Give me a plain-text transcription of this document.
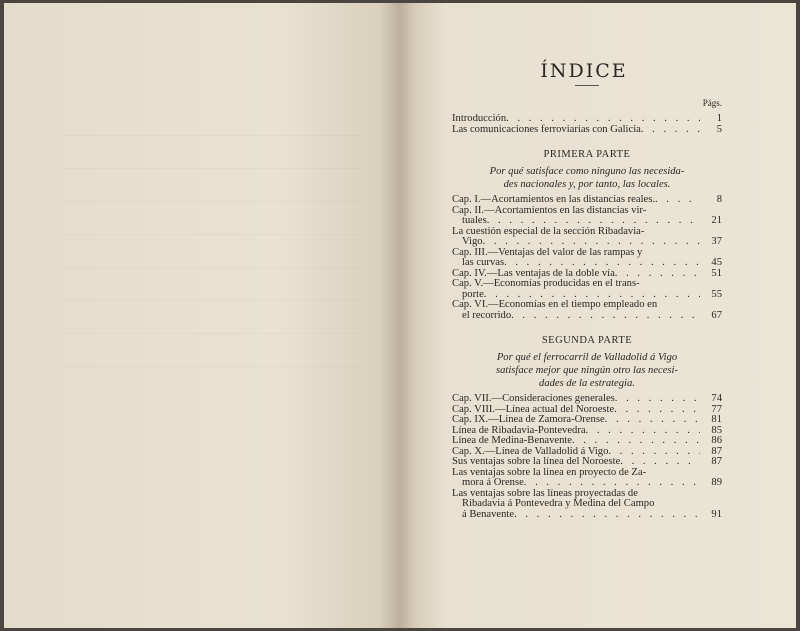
ÍNDICE
Págs.
Introducción . . .	1
Las comunicaciones ferroviarias con Galicia . . .	5
PRIMERA PARTE
Por qué satisface como ninguno las necesida-
des nacionales y, por tanto, las locales.
Cap. I.—Acortamientos en las distancias reales. . . .	8
Cap. II.—Acortamientos en las distancias vir-
tuales . . .	21
La cuestión especial de la sección Ribadavia-
Vigo . . .	37
Cap. III.—Ventajas del valor de las rampas y
las curvas . . .	45
Cap. IV.—Las ventajas de la doble vía . . .	51
Cap. V.—Economías producidas en el trans-
porte . . .	55
Cap. VI.—Economías en el tiempo empleado en
el recorrido . . .	67
SEGUNDA PARTE
Por qué el ferrocarril de Valladolid á Vigo
satisface mejor que ningún otro las necesi-
dades de la estrategia.
Cap. VII.—Consideraciones generales . . .	74
Cap. VIII.—Línea actual del Noroeste . . .	77
Cap. IX.—Línea de Zamora-Orense . . .	81
Línea de Ribadavia-Pontevedra . . .	85
Línea de Medina-Benavente . . .	86
Cap. X.—Línea de Valladolid á Vigo . . .	87
Sus ventajas sobre la línea del Noroeste . . .	87
Las ventajas sobre la línea en proyecto de Za-
mora á Orense . . .	89
Las ventajas sobre las líneas proyectadas de
Ribadavia á Pontevedra y Medina del Campo
á Benavente . . .	91
